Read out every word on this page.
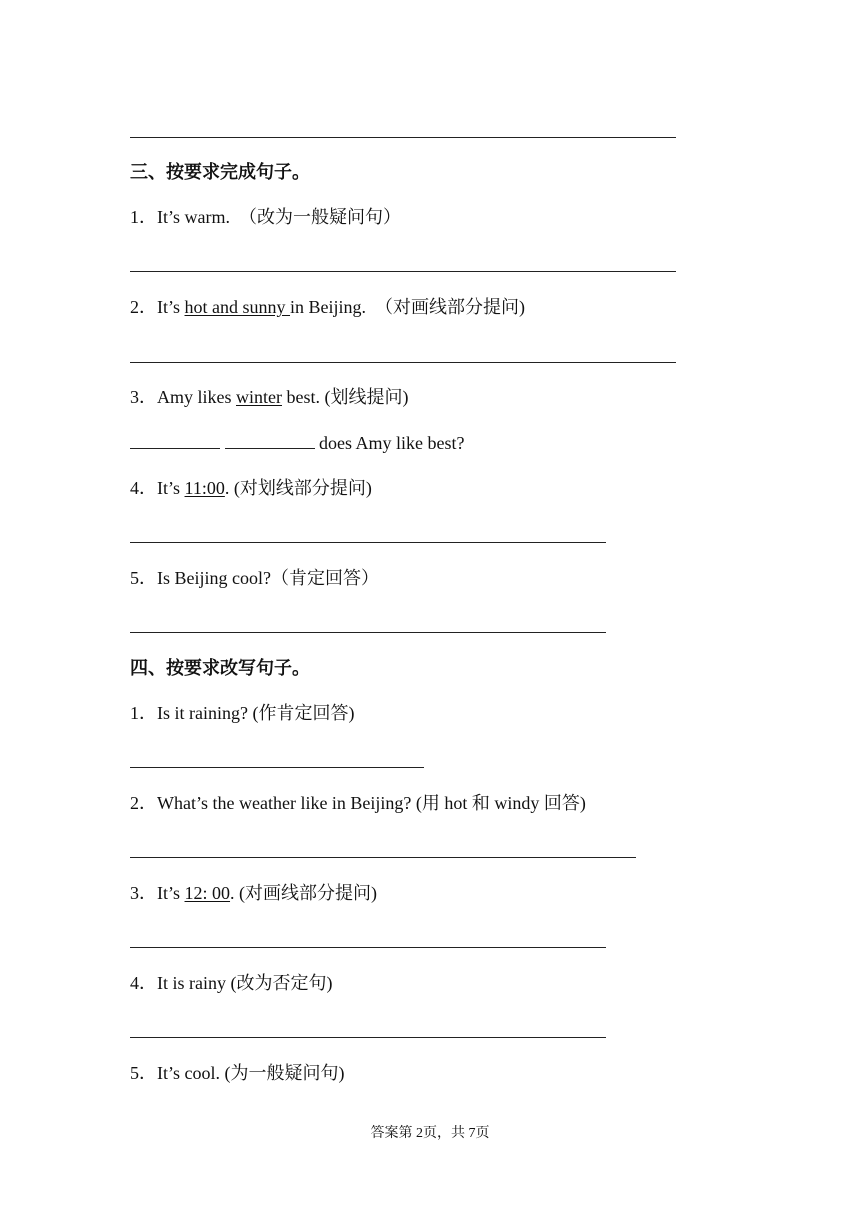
三、按要求完成句子。
1．It’s warm. （改为一般疑问句）
2．It’s hot and sunny in Beijing. （对画线部分提问)
3．Amy likes winter best. (划线提问)
does Amy like best?
4．It’s 11:00. (对划线部分提问)
5．Is Beijing cool?（肯定回答）
四、按要求改写句子。
1．Is it raining? (作肯定回答)
2．What’s the weather like in Beijing? (用 hot 和 windy 回答)
3．It’s 12: 00. (对画线部分提问)
4．It is rainy (改为否定句)
5．It’s cool. (为一般疑问句)
答案第 2页，共 7页
